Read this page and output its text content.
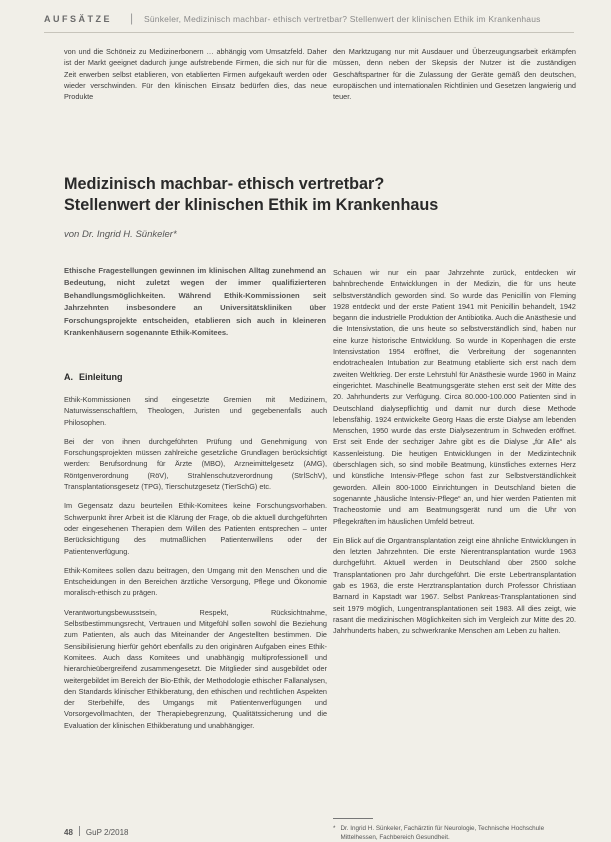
AUFSÄTZE | Sünkeler, Medizinisch machbar- ethisch vertretbar? Stellenwert der klinischen Ethik im Krankenhaus

von und die Schöneiz zu Medizinerbonern … abhängig vom Umsatzfeld. Daher ist der Markt geeignet dadurch junge aufstrebende Firmen, die sich nur für die Zeit erwerben selbst etablieren, von etablierten Firmen aufgekauft werden oder wieder verschwinden. Für den klinischen Einsatz bedürfen dies, das neue Produkte

den Marktzugang nur mit Ausdauer und Überzeugungsarbeit erkämpfen müssen, denn neben der Skepsis der Nutzer ist die zuständigen Geschäftspartner für die Zulassung der Geräte gemäß den deutschen, europäischen und internationalen Richtlinien und Gesetzen langwierig und teuer.

Medizinisch machbar- ethisch vertretbar?
Stellenwert der klinischen Ethik im Krankenhaus
von Dr. Ingrid H. Sünkeler*

Ethische Fragestellungen gewinnen im klinischen Alltag zunehmend an Bedeutung, nicht zuletzt wegen der immer qualifizierteren Behandlungsmöglichkeiten. Während Ethik-Kommissionen seit Jahrzehnten insbesondere an Universitätskliniken über Forschungsprojekte entscheiden, etablieren sich auch in kleineren Krankenhäusern sogenannte Ethik-Komitees.

A. Einleitung

Ethik-Kommissionen sind eingesetzte Gremien mit Medizinern, Naturwissenschaftlern, Theologen, Juristen und gegebenenfalls auch Philosophen.

Bei der von ihnen durchgeführten Prüfung und Genehmigung von Forschungsprojekten müssen zahlreiche gesetzliche Grundlagen berücksichtigt werden: Berufsordnung für Ärzte (MBO), Arzneimittelgesetz (AMG), Röntgenverordnung (RöV), Strahlenschutzverordnung (StrlSchV), Transplantationsgesetz (TPG), Tierschutzgesetz (TierSchG) etc.

Im Gegensatz dazu beurteilen Ethik-Komitees keine Forschungsvorhaben. Schwerpunkt ihrer Arbeit ist die Klärung der Frage, ob die aktuell durchgeführten oder eingesehenen Therapien dem Willen des Patienten entsprechen – unter Berücksichtigung des mutmaßlichen Patientenwillens oder der Patientenverfügung.

Ethik-Komitees sollen dazu beitragen, den Umgang mit den Menschen und die Entscheidungen in den Bereichen ärztliche Versorgung, Pflege und Ökonomie moralisch-ethisch zu prägen.

Verantwortungsbewusstsein, Respekt, Rücksichtnahme, Selbstbestimmungsrecht, Vertrauen und Mitgefühl sollen sowohl die Beziehung zum Patienten, als auch das Miteinander der Angestellten bestimmen. Die Sensibilisierung hierfür gehört ebenfalls zu den originären Aufgaben eines Ethik-Komitees. Auch dass Komitees und unabhängig multiprofessionell und hierarchieübergreifend zusammengesetzt. Die Mitglieder sind ausgebildet oder weitergebildet im Bereich der Bio-Ethik, der Methodologie ethischer Fallanalysen, den Standards klinischer Ethikberatung, den ethischen und rechtlichen Aspekten der Sterbehilfe, des Umgangs mit Patientenverfügungen und Vorsorgevollmachten, der Therapiebegrenzung, Qualitätssicherung und die Evaluation der klinischen Ethikberatung und unabhängiger.

Schauen wir nur ein paar Jahrzehnte zurück, entdecken wir bahnbrechende Entwicklungen in der Medizin, die für uns heute selbstverständlich geworden sind. So wurde das Penicillin von Fleming 1928 entdeckt und der erste Patient 1941 mit Penicillin behandelt, 1942 begann die industrielle Produktion der Antibiotika. Auch die Anästhesie und die Intensivstation, die uns heute so selbstverständlich sind, haben nur eine kurze historische Entwicklung. So wurde in Kopenhagen die erste Intensivstation 1954 eröffnet, die Verbreitung der sogenannten endotrachealen Intubation zur Beatmung etablierte sich erst nach dem zweiten Weltkrieg. Der erste Lehrstuhl für Anästhesie wurde 1960 in Mainz eingerichtet. Maschinelle Beatmungsgeräte stehen erst seit der Mitte des 20. Jahrhunderts zur Verfügung. Circa 80.000-100.000 Patienten sind in Deutschland dialysepflichtig und damit nur durch diese Methode lebensfähig. 1924 entwickelte Georg Haas die erste Dialyse am lebenden Menschen, 1950 wurde das erste Dialysezentrum in Schweden eröffnet. Erst seit Ende der sechziger Jahre gibt es die Dialyse „für Alle“ als Kassenleistung. Die heutigen Entwicklungen in der Medizintechnik überschlagen sich, so sind mobile Beatmung, künstliches externes Herz und künstliche Intensiv-Pflege schon fast zur Selbstverständlichkeit geworden. Allein 800-1000 Einrichtungen in Deutschland bieten die sogenannte „häusliche Intensiv-Pflege“ an, und hier werden Patienten mit Tracheostomie und am Beatmungsgerät rund um die Uhr von Pflegekräften im häuslichen Umfeld betreut.

Ein Blick auf die Organtransplantation zeigt eine ähnliche Entwicklungen in den letzten Jahrzehnten. Die erste Nierentransplantation wurde 1963 durchgeführt. Aktuell werden in Deutschland über 2500 solche Transplantationen pro Jahr durchgeführt. Die erste Lebertransplantation gab es 1963, die erste Herztransplantation durch Professor Christiaan Barnard in Kapstadt war 1967. Selbst Pankreas-Transplantationen sind seit 1979 möglich, Lungentransplantationen seit 1983. All dies zeigt, wie rasant die medizinischen Möglichkeiten sich im Vergleich zur Mitte des 20. Jahrhunderts haben, zu schwerkranke Menschen am Leben zu halten.

* Dr. Ingrid H. Sünkeler, Fachärztin für Neurologie, Technische Hochschule Mittelhessen, Fachbereich Gesundheit.

48 GuP 2/2018
